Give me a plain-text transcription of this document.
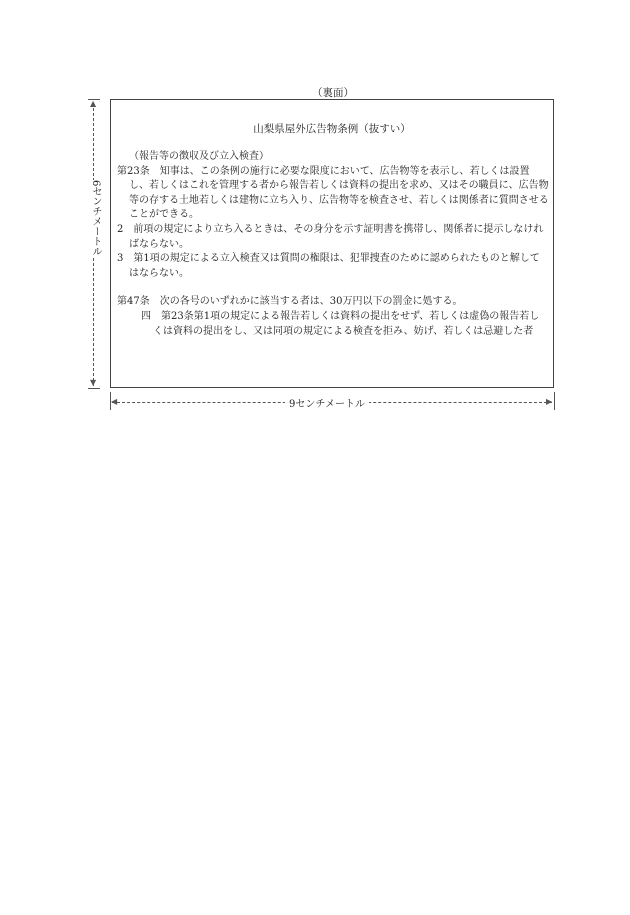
（裏面）
山梨県屋外広告物条例（抜すい）

（報告等の徴収及び立入検査）

第23条　知事は、この条例の施行に必要な限度において、広告物等を表示し、若しくは設置し、若しくはこれを管理する者から報告若しくは資料の提出を求め、又はその職員に、広告物等の存する土地若しくは建物に立ち入り、広告物等を検査させ、若しくは関係者に質問させることができる。

2　前項の規定により立ち入るときは、その身分を示す証明書を携帯し、関係者に提示しなければならない。

3　第1項の規定による立入検査又は質問の権限は、犯罪捜査のために認められたものと解してはならない。

第47条　次の各号のいずれかに該当する者は、30万円以下の罰金に処する。

四　第23条第1項の規定による報告若しくは資料の提出をせず、若しくは虚偽の報告若しくは資料の提出をし、又は同項の規定による検査を拒み、妨げ、若しくは忌避した者

▲
▼
6センチメートル
◀	▶
9センチメートル
